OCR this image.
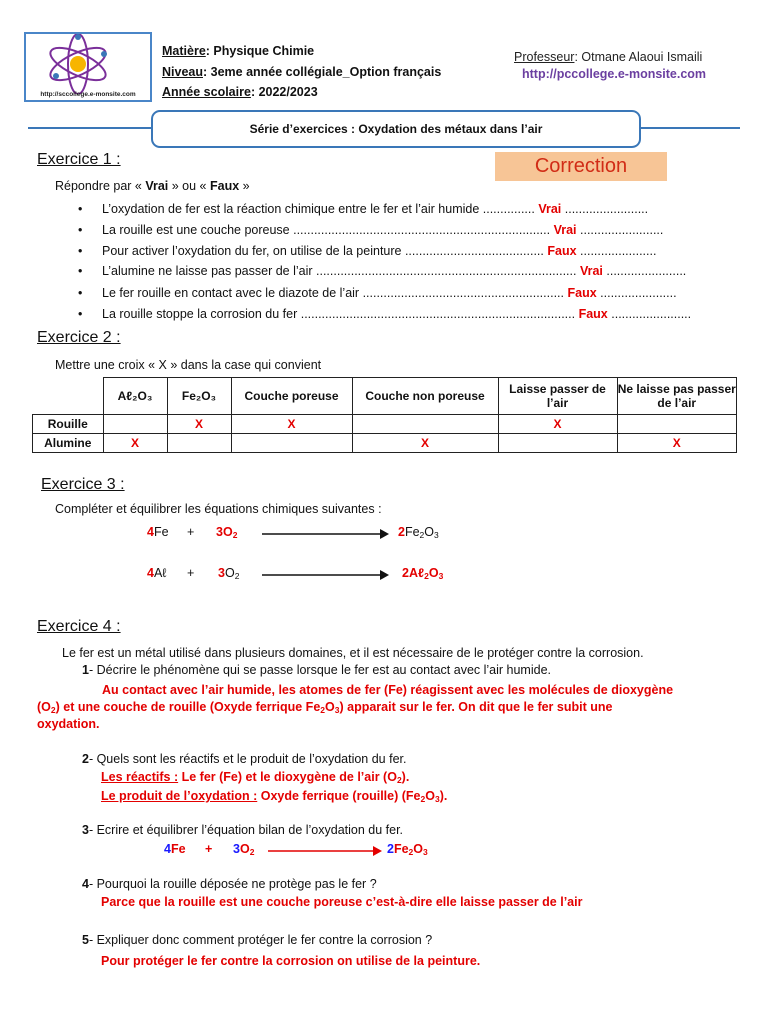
http://sccollege.e-monsite.com
Matière: Physique Chimie
Niveau: 3eme année collégiale_Option français
Année scolaire: 2022/2023
Professeur: Otmane Alaoui Ismaili
http://pccollege.e-monsite.com
Série d’exercices : Oxydation des métaux dans l’air
Exercice 1 :	Correction
Répondre par « Vrai » ou « Faux »
L’oxydation de fer est la réaction chimique entre le fer et l’air humide ............... Vrai ........................
La rouille est une couche poreuse .......................................................................... Vrai ........................
Pour activer l’oxydation du fer, on utilise de la peinture ........................................ Faux ......................
L’alumine ne laisse pas passer de l’air ........................................................................... Vrai .......................
Le fer rouille en contact avec le diazote de l’air .......................................................... Faux ......................
La rouille stoppe la corrosion du fer ............................................................................... Faux .......................
Exercice 2 :
Mettre une croix « X » dans la case qui convient
	Aℓ₂O₃	Fe₂O₃	Couche poreuse	Couche non poreuse	Laisse passer de l’air	Ne laisse pas passer de l’air
Rouille		X	X		X	
Alumine	X			X		X
Exercice 3 :
Compléter et équilibrer les équations chimiques suivantes :
$4Fe + 3O_2$	$2Fe_2O_3$
4Aℓ + $3O_2$	$2A\ell_2O_3$
Exercice 4 :
Le fer est un métal utilisé dans plusieurs domaines, et il est nécessaire de le protéger contre la corrosion.
1- Décrire le phénomène qui se passe lorsque le fer est au contact avec l’air humide.
Au contact avec l’air humide, les atomes de fer (Fe) réagissent avec les molécules de dioxygène
$(O_2)$ et une couche de rouille (Oxyde ferrique $Fe_2O_3$) apparait sur le fer. On dit que le fer subit une
oxydation.
2- Quels sont les réactifs et le produit de l’oxydation du fer.
Les réactifs : Le fer (Fe) et le dioxygène de l’air $(O_2)$.
Le produit de l’oxydation : Oxyde ferrique (rouille) $(Fe_2O_3)$.
3- Ecrire et équilibrer l’équation bilan de l’oxydation du fer.
$4Fe + 3O_2$	$2Fe_2O_3$
4- Pourquoi la rouille déposée ne protège pas le fer ?
Parce que la rouille est une couche poreuse c’est-à-dire elle laisse passer de l’air
5- Expliquer donc comment protéger le fer contre la corrosion ?
Pour protéger le fer contre la corrosion on utilise de la peinture.
